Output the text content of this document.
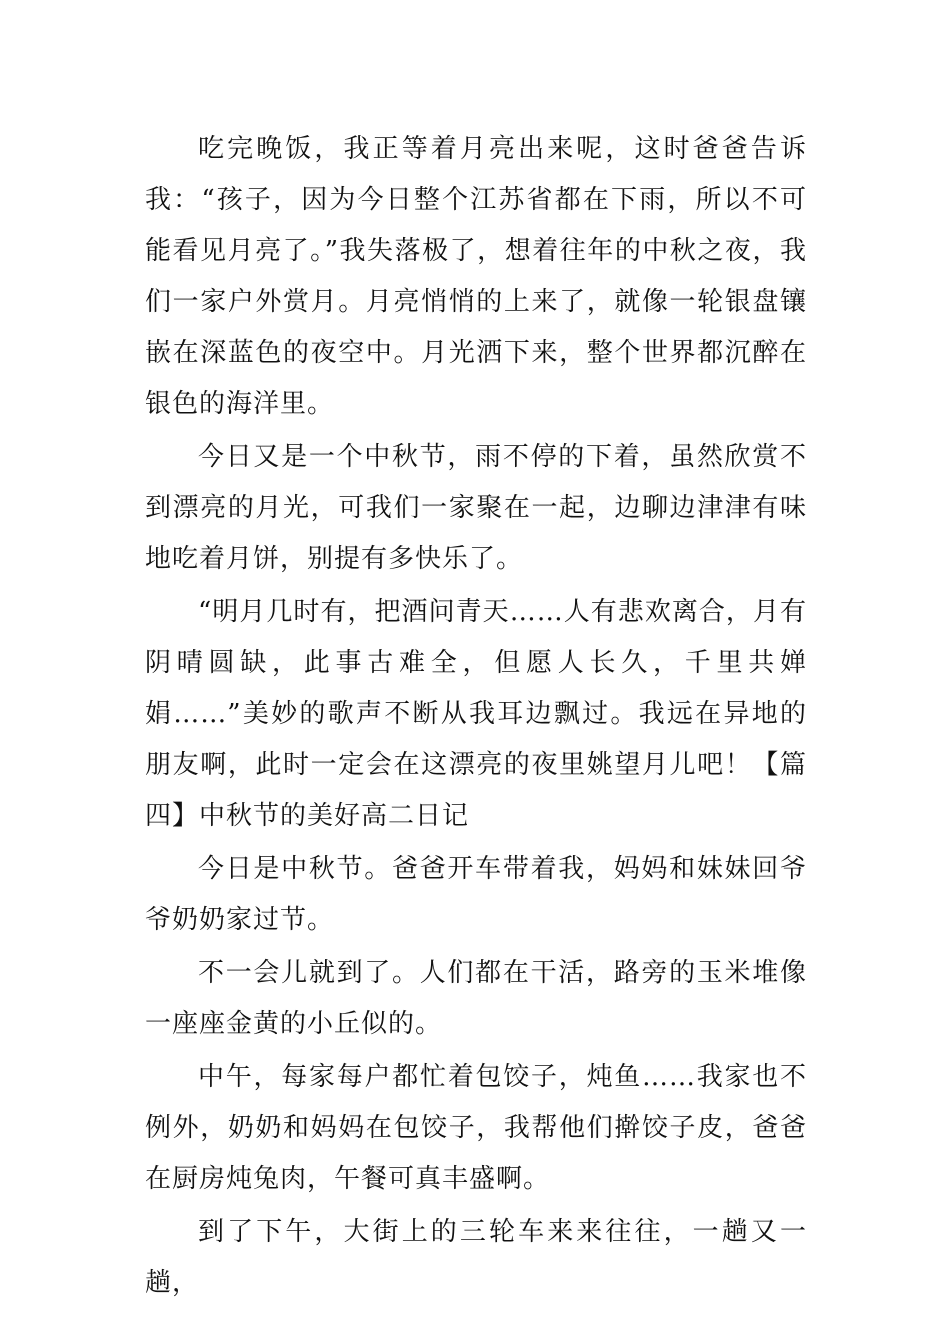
吃完晚饭，我正等着月亮出来呢，这时爸爸告诉我：“孩子，因为今日整个江苏省都在下雨，所以不可能看见月亮了。”我失落极了，想着往年的中秋之夜，我们一家户外赏月。月亮悄悄的上来了，就像一轮银盘镶嵌在深蓝色的夜空中。月光洒下来，整个世界都沉醉在银色的海洋里。

今日又是一个中秋节，雨不停的下着，虽然欣赏不到漂亮的月光，可我们一家聚在一起，边聊边津津有味地吃着月饼，别提有多快乐了。

“明月几时有，把酒问青天……人有悲欢离合，月有阴晴圆缺，此事古难全，但愿人长久，千里共婵娟……”美妙的歌声不断从我耳边飘过。我远在异地的朋友啊，此时一定会在这漂亮的夜里姚望月儿吧！【篇四】中秋节的美好高二日记

今日是中秋节。爸爸开车带着我，妈妈和妹妹回爷爷奶奶家过节。

不一会儿就到了。人们都在干活，路旁的玉米堆像一座座金黄的小丘似的。

中午，每家每户都忙着包饺子，炖鱼……我家也不例外，奶奶和妈妈在包饺子，我帮他们擀饺子皮，爸爸在厨房炖兔肉，午餐可真丰盛啊。

到了下午，大街上的三轮车来来往往，一趟又一趟，
